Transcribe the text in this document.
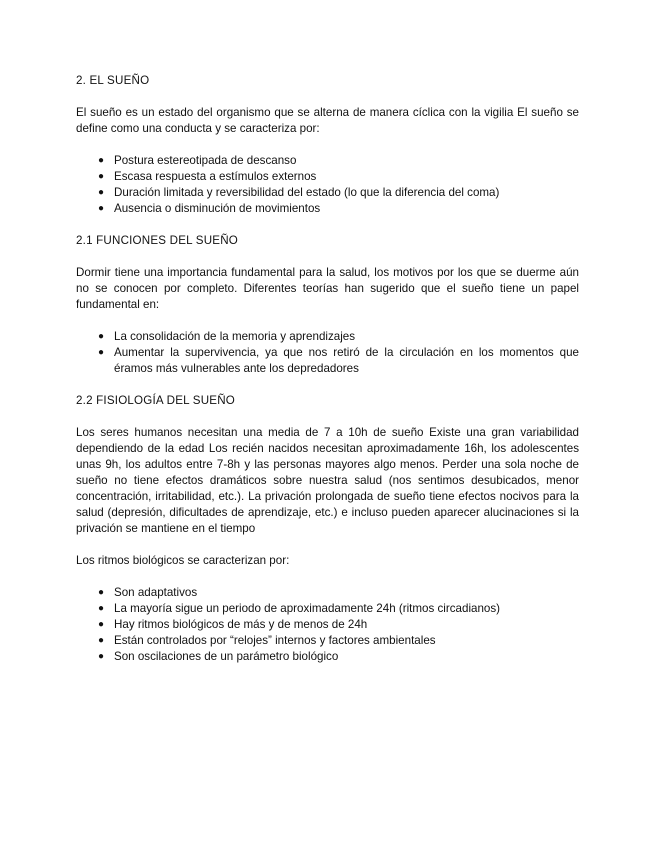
2. EL SUEÑO

El sueño es un estado del organismo que se alterna de manera cíclica con la vigilia El sueño se define como una conducta y se caracteriza por:

● Postura estereotipada de descanso
● Escasa respuesta a estímulos externos
● Duración limitada y reversibilidad del estado (lo que la diferencia del coma)
● Ausencia o disminución de movimientos
2.1 FUNCIONES DEL SUEÑO

Dormir tiene una importancia fundamental para la salud, los motivos por los que se duerme aún no se conocen por completo. Diferentes teorías han sugerido que el sueño tiene un papel fundamental en:

● La consolidación de la memoria y aprendizajes
● Aumentar la supervivencia, ya que nos retiró de la circulación en los momentos que éramos más vulnerables ante los depredadores
2.2 FISIOLOGÍA DEL SUEÑO

Los seres humanos necesitan una media de 7 a 10h de sueño Existe una gran variabilidad dependiendo de la edad Los recién nacidos necesitan aproximadamente 16h, los adolescentes unas 9h, los adultos entre 7-8h y las personas mayores algo menos. Perder una sola noche de sueño no tiene efectos dramáticos sobre nuestra salud (nos sentimos desubicados, menor concentración, irritabilidad, etc.). La privación prolongada de sueño tiene efectos nocivos para la salud (depresión, dificultades de aprendizaje, etc.) e incluso pueden aparecer alucinaciones si la privación se mantiene en el tiempo

Los ritmos biológicos se caracterizan por:

● Son adaptativos
● La mayoría sigue un periodo de aproximadamente 24h (ritmos circadianos)
● Hay ritmos biológicos de más y de menos de 24h
● Están controlados por “relojes” internos y factores ambientales
● Son oscilaciones de un parámetro biológico
